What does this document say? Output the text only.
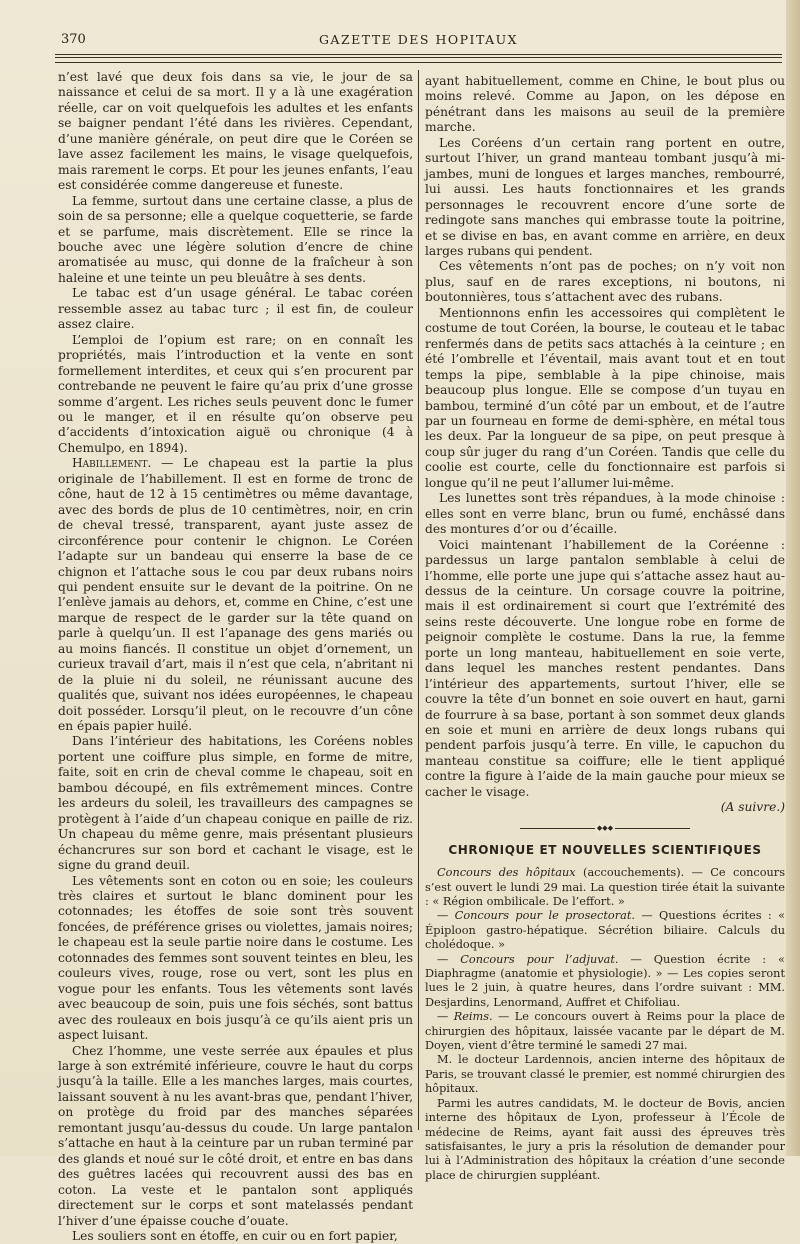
370	GAZETTE DES HOPITAUX

n’est lavé que deux fois dans sa vie, le jour de sa naissance et celui de sa mort. Il y a là une exagération réelle, car on voit quelquefois les adultes et les enfants se baigner pendant l’été dans les rivières. Cependant, d’une manière générale, on peut dire que le Coréen se lave assez facilement les mains, le visage quelquefois, mais rarement le corps. Et pour les jeunes enfants, l’eau est considérée comme dangereuse et funeste.

La femme, surtout dans une certaine classe, a plus de soin de sa personne; elle a quelque coquetterie, se farde et se parfume, mais discrètement. Elle se rince la bouche avec une légère solution d’encre de chine aromatisée au musc, qui donne de la fraîcheur à son haleine et une teinte un peu bleuâtre à ses dents.

Le tabac est d’un usage général. Le tabac coréen ressemble assez au tabac turc ; il est fin, de couleur assez claire.

L’emploi de l’opium est rare; on en connaît les propriétés, mais l’introduction et la vente en sont formellement interdites, et ceux qui s’en procurent par contrebande ne peuvent le faire qu’au prix d’une grosse somme d’argent. Les riches seuls peuvent donc le fumer ou le manger, et il en résulte qu’on observe peu d’accidents d’intoxication aiguë ou chronique (4 à Chemulpo, en 1894).

Habillement. — Le chapeau est la partie la plus originale de l’habillement. Il est en forme de tronc de cône, haut de 12 à 15 centimètres ou même davantage, avec des bords de plus de 10 centimètres, noir, en crin de cheval tressé, transparent, ayant juste assez de circonférence pour contenir le chignon. Le Coréen l’adapte sur un bandeau qui enserre la base de ce chignon et l’attache sous le cou par deux rubans noirs qui pendent ensuite sur le devant de la poitrine. On ne l’enlève jamais au dehors, et, comme en Chine, c’est une marque de respect de le garder sur la tête quand on parle à quelqu’un. Il est l’apanage des gens mariés ou au moins fiancés. Il constitue un objet d’ornement, un curieux travail d’art, mais il n’est que cela, n’abritant ni de la pluie ni du soleil, ne réunissant aucune des qualités que, suivant nos idées européennes, le chapeau doit posséder. Lorsqu’il pleut, on le recouvre d’un cône en épais papier huilé.

Dans l’intérieur des habitations, les Coréens nobles portent une coiffure plus simple, en forme de mitre, faite, soit en crin de cheval comme le chapeau, soit en bambou découpé, en fils extrêmement minces. Contre les ardeurs du soleil, les travailleurs des campagnes se protègent à l’aide d’un chapeau conique en paille de riz. Un chapeau du même genre, mais présentant plusieurs échancrures sur son bord et cachant le visage, est le signe du grand deuil.

Les vêtements sont en coton ou en soie; les couleurs très claires et surtout le blanc dominent pour les cotonnades; les étoffes de soie sont très souvent foncées, de préférence grises ou violettes, jamais noires; le chapeau est la seule partie noire dans le costume. Les cotonnades des femmes sont souvent teintes en bleu, les couleurs vives, rouge, rose ou vert, sont les plus en vogue pour les enfants. Tous les vêtements sont lavés avec beaucoup de soin, puis une fois séchés, sont battus avec des rouleaux en bois jusqu’à ce qu’ils aient pris un aspect luisant.

Chez l’homme, une veste serrée aux épaules et plus large à son extrémité inférieure, couvre le haut du corps jusqu’à la taille. Elle a les manches larges, mais courtes, laissant souvent à nu les avant-bras que, pendant l’hiver, on protège du froid par des manches séparées remontant jusqu’au-dessus du coude. Un large pantalon s’attache en haut à la ceinture par un ruban terminé par des glands et noué sur le côté droit, et entre en bas dans des guêtres lacées qui recouvrent aussi des bas en coton. La veste et le pantalon sont appliqués directement sur le corps et sont matelassés pendant l’hiver d’une épaisse couche d’ouate.

Les souliers sont en étoffe, en cuir ou en fort papier,

ayant habituellement, comme en Chine, le bout plus ou moins relevé. Comme au Japon, on les dépose en pénétrant dans les maisons au seuil de la première marche.

Les Coréens d’un certain rang portent en outre, surtout l’hiver, un grand manteau tombant jusqu’à mi-jambes, muni de longues et larges manches, rembourré, lui aussi. Les hauts fonctionnaires et les grands personnages le recouvrent encore d’une sorte de redingote sans manches qui embrasse toute la poitrine, et se divise en bas, en avant comme en arrière, en deux larges rubans qui pendent.

Ces vêtements n’ont pas de poches; on n’y voit non plus, sauf en de rares exceptions, ni boutons, ni boutonnières, tous s’attachent avec des rubans.

Mentionnons enfin les accessoires qui complètent le costume de tout Coréen, la bourse, le couteau et le tabac renfermés dans de petits sacs attachés à la ceinture ; en été l’ombrelle et l’éventail, mais avant tout et en tout temps la pipe, semblable à la pipe chinoise, mais beaucoup plus longue. Elle se compose d’un tuyau en bambou, terminé d’un côté par un embout, et de l’autre par un fourneau en forme de demi-sphère, en métal tous les deux. Par la longueur de sa pipe, on peut presque à coup sûr juger du rang d’un Coréen. Tandis que celle du coolie est courte, celle du fonctionnaire est parfois si longue qu’il ne peut l’allumer lui-même.

Les lunettes sont très répandues, à la mode chinoise : elles sont en verre blanc, brun ou fumé, enchâssé dans des montures d’or ou d’écaille.

Voici maintenant l’habillement de la Coréenne : pardessus un large pantalon semblable à celui de l’homme, elle porte une jupe qui s’attache assez haut au-dessus de la ceinture. Un corsage couvre la poitrine, mais il est ordinairement si court que l’extrémité des seins reste découverte. Une longue robe en forme de peignoir complète le costume. Dans la rue, la femme porte un long manteau, habituellement en soie verte, dans lequel les manches restent pendantes. Dans l’intérieur des appartements, surtout l’hiver, elle se couvre la tête d’un bonnet en soie ouvert en haut, garni de fourrure à sa base, portant à son sommet deux glands en soie et muni en arrière de deux longs rubans qui pendent parfois jusqu’à terre. En ville, le capuchon du manteau constitue sa coiffure; elle le tient appliqué contre la figure à l’aide de la main gauche pour mieux se cacher le visage.

(A suivre.)

◆◆◆
CHRONIQUE ET NOUVELLES SCIENTIFIQUES

Concours des hôpitaux (accouchements). — Ce concours s’est ouvert le lundi 29 mai. La question tirée était la suivante : « Région ombilicale. De l’effort. »

— Concours pour le prosectorat. — Questions écrites : « Épiploon gastro-hépatique. Sécrétion biliaire. Calculs du cholédoque. »

— Concours pour l’adjuvat. — Question écrite : « Diaphragme (anatomie et physiologie). » — Les copies seront lues le 2 juin, à quatre heures, dans l’ordre suivant : MM. Desjardins, Lenormand, Auffret et Chifoliau.

— Reims. — Le concours ouvert à Reims pour la place de chirurgien des hôpitaux, laissée vacante par le départ de M. Doyen, vient d’être terminé le samedi 27 mai.

M. le docteur Lardennois, ancien interne des hôpitaux de Paris, se trouvant classé le premier, est nommé chirurgien des hôpitaux.

Parmi les autres candidats, M. le docteur de Bovis, ancien interne des hôpitaux de Lyon, professeur à l’École de médecine de Reims, ayant fait aussi des épreuves très satisfaisantes, le jury a pris la résolution de demander pour lui à l’Administration des hôpitaux la création d’une seconde place de chirurgien suppléant.
